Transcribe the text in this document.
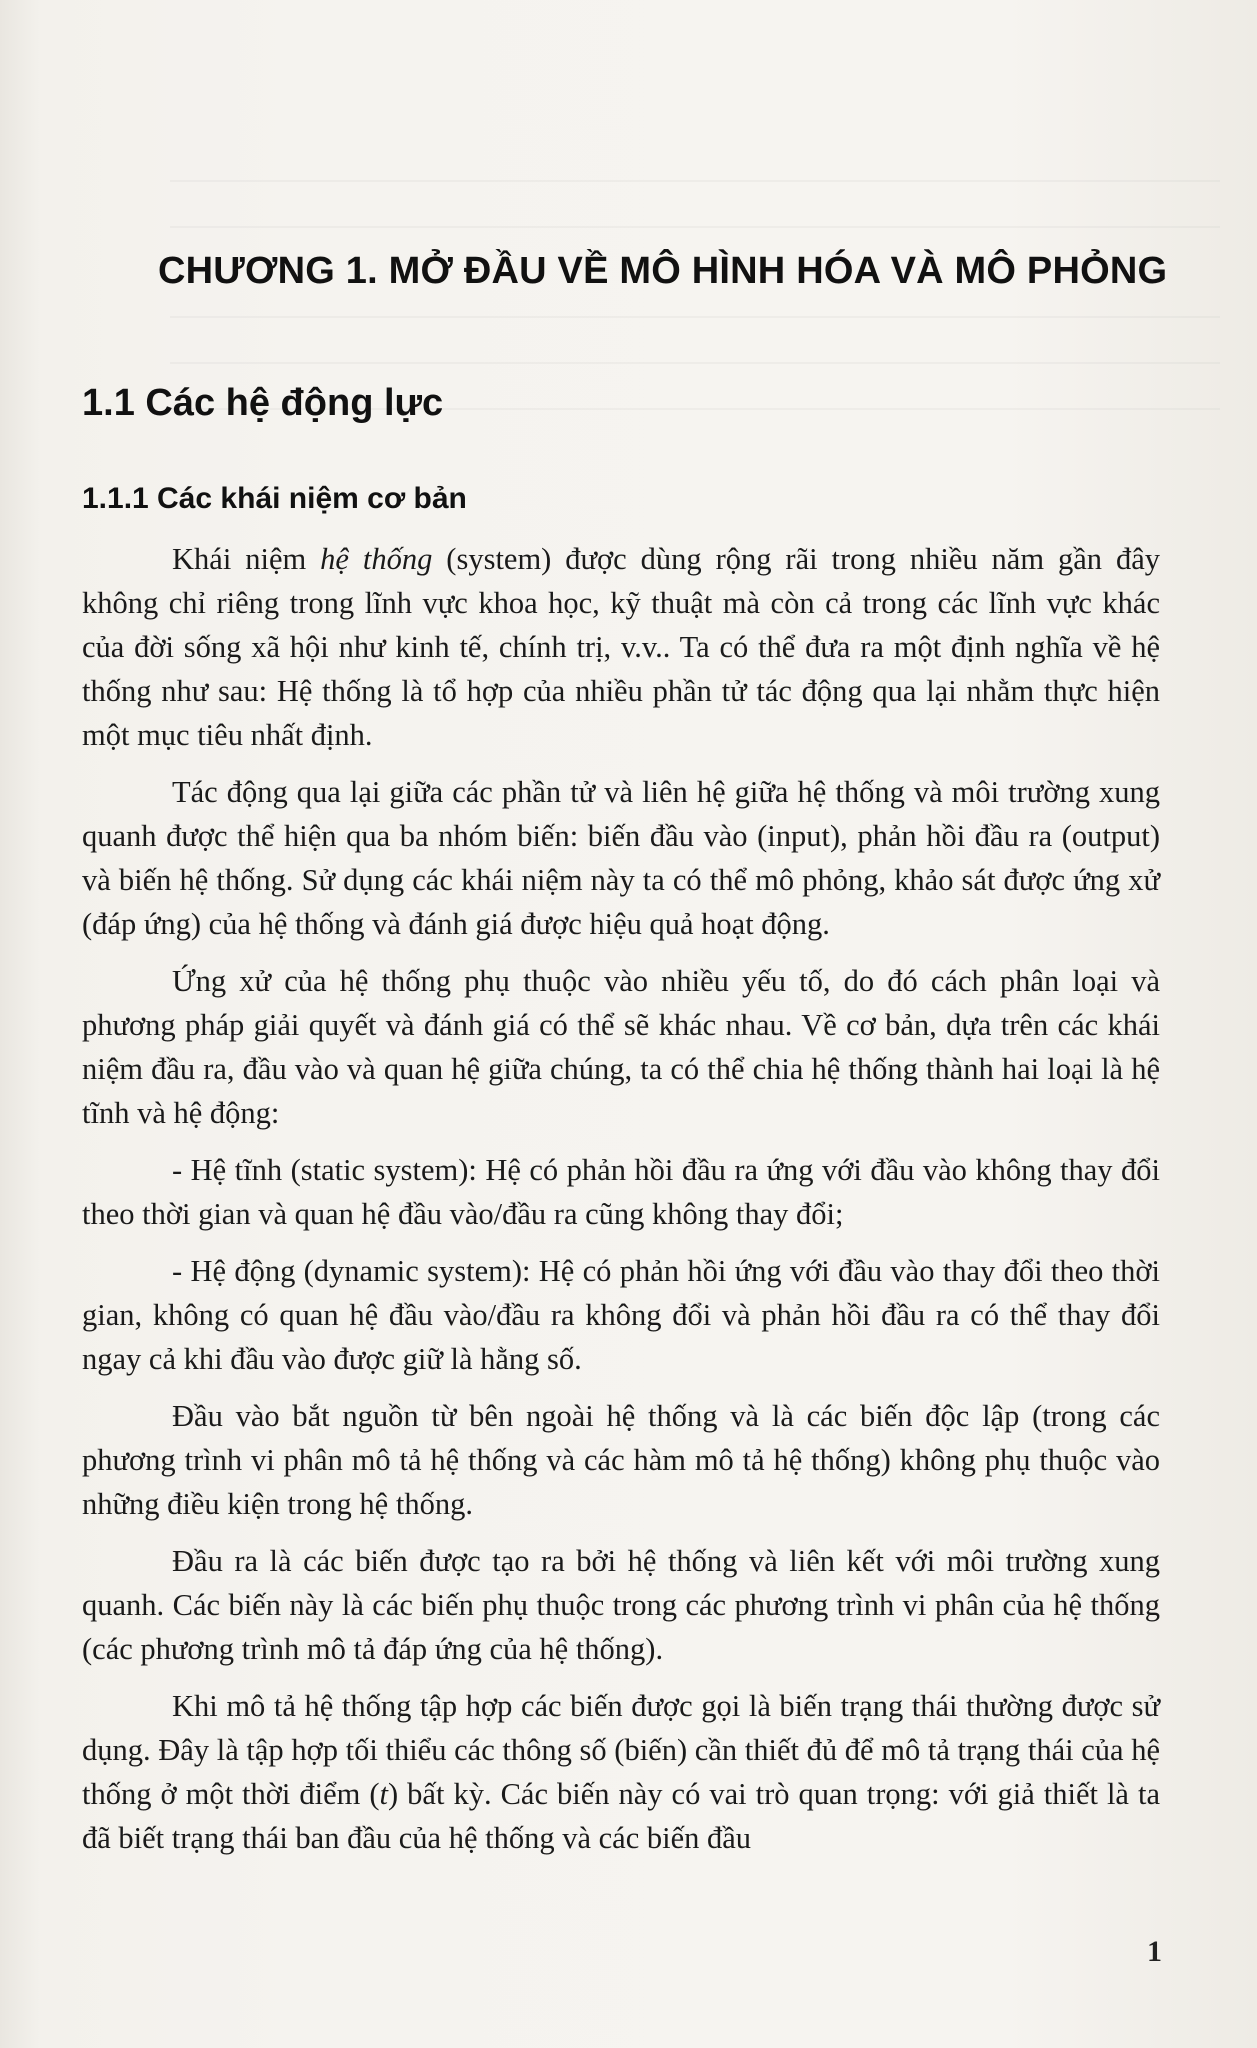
CHƯƠNG 1. MỞ ĐẦU VỀ MÔ HÌNH HÓA VÀ MÔ PHỎNG
1.1 Các hệ động lực
1.1.1 Các khái niệm cơ bản

Khái niệm hệ thống (system) được dùng rộng rãi trong nhiều năm gần đây không chỉ riêng trong lĩnh vực khoa học, kỹ thuật mà còn cả trong các lĩnh vực khác của đời sống xã hội như kinh tế, chính trị, v.v.. Ta có thể đưa ra một định nghĩa về hệ thống như sau: Hệ thống là tổ hợp của nhiều phần tử tác động qua lại nhằm thực hiện một mục tiêu nhất định.

Tác động qua lại giữa các phần tử và liên hệ giữa hệ thống và môi trường xung quanh được thể hiện qua ba nhóm biến: biến đầu vào (input), phản hồi đầu ra (output) và biến hệ thống. Sử dụng các khái niệm này ta có thể mô phỏng, khảo sát được ứng xử (đáp ứng) của hệ thống và đánh giá được hiệu quả hoạt động.

Ứng xử của hệ thống phụ thuộc vào nhiều yếu tố, do đó cách phân loại và phương pháp giải quyết và đánh giá có thể sẽ khác nhau. Về cơ bản, dựa trên các khái niệm đầu ra, đầu vào và quan hệ giữa chúng, ta có thể chia hệ thống thành hai loại là hệ tĩnh và hệ động:

- Hệ tĩnh (static system): Hệ có phản hồi đầu ra ứng với đầu vào không thay đổi theo thời gian và quan hệ đầu vào/đầu ra cũng không thay đổi;

- Hệ động (dynamic system): Hệ có phản hồi ứng với đầu vào thay đổi theo thời gian, không có quan hệ đầu vào/đầu ra không đổi và phản hồi đầu ra có thể thay đổi ngay cả khi đầu vào được giữ là hằng số.

Đầu vào bắt nguồn từ bên ngoài hệ thống và là các biến độc lập (trong các phương trình vi phân mô tả hệ thống và các hàm mô tả hệ thống) không phụ thuộc vào những điều kiện trong hệ thống.

Đầu ra là các biến được tạo ra bởi hệ thống và liên kết với môi trường xung quanh. Các biến này là các biến phụ thuộc trong các phương trình vi phân của hệ thống (các phương trình mô tả đáp ứng của hệ thống).

Khi mô tả hệ thống tập hợp các biến được gọi là biến trạng thái thường được sử dụng. Đây là tập hợp tối thiểu các thông số (biến) cần thiết đủ để mô tả trạng thái của hệ thống ở một thời điểm (t) bất kỳ. Các biến này có vai trò quan trọng: với giả thiết là ta đã biết trạng thái ban đầu của hệ thống và các biến đầu

1
